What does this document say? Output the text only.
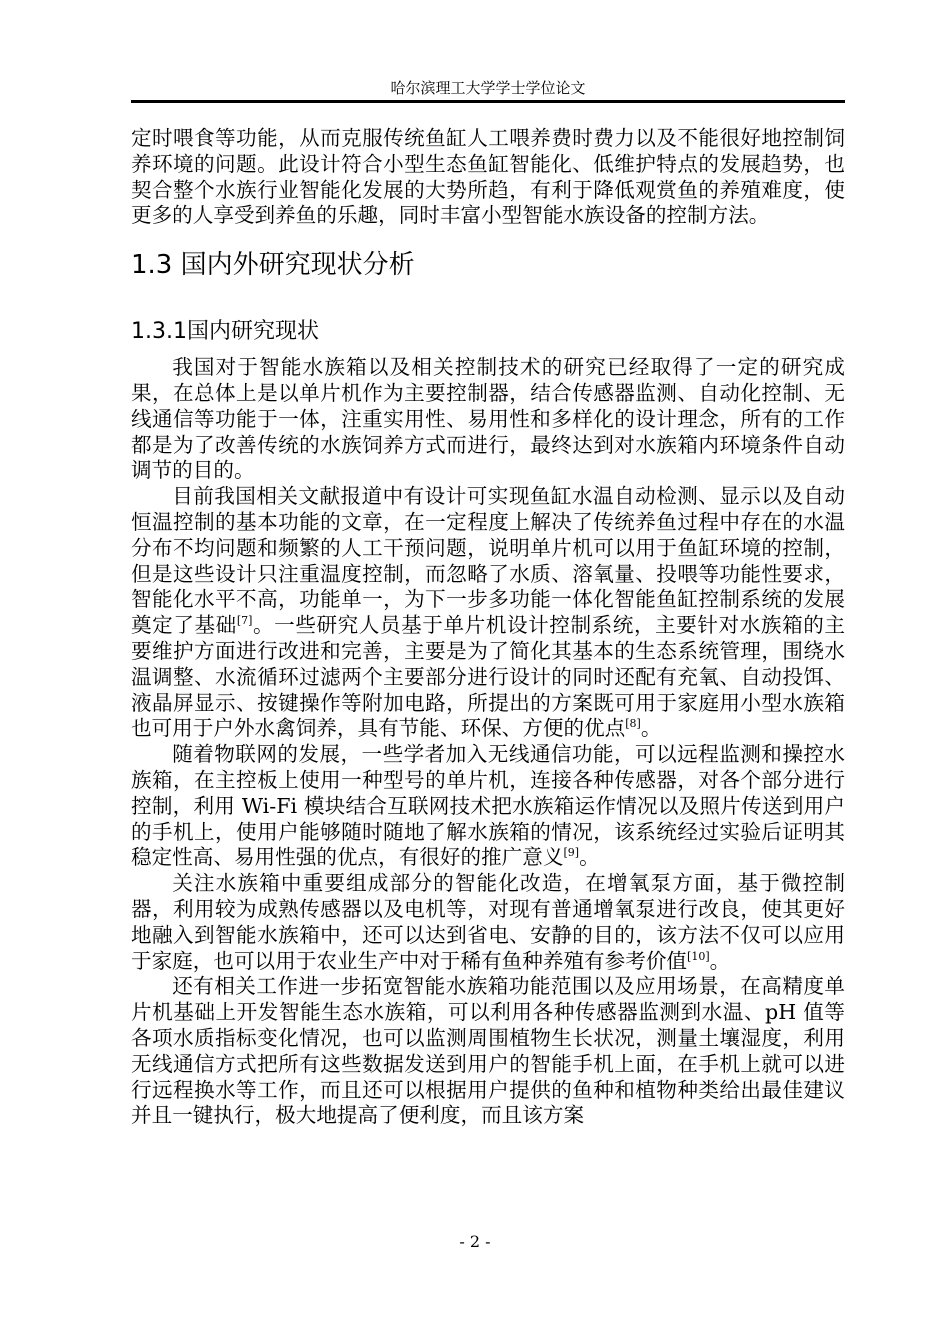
哈尔滨理工大学学士学位论文

定时喂食等功能，从而克服传统鱼缸人工喂养费时费力以及不能很好地控制饲养环境的问题。此设计符合小型生态鱼缸智能化、低维护特点的发展趋势，也契合整个水族行业智能化发展的大势所趋，有利于降低观赏鱼的养殖难度，使更多的人享受到养鱼的乐趣，同时丰富小型智能水族设备的控制方法。

1.3 国内外研究现状分析
1.3.1国内研究现状

我国对于智能水族箱以及相关控制技术的研究已经取得了一定的研究成果，在总体上是以单片机作为主要控制器，结合传感器监测、自动化控制、无线通信等功能于一体，注重实用性、易用性和多样化的设计理念，所有的工作都是为了改善传统的水族饲养方式而进行，最终达到对水族箱内环境条件自动调节的目的。

目前我国相关文献报道中有设计可实现鱼缸水温自动检测、显示以及自动恒温控制的基本功能的文章，在一定程度上解决了传统养鱼过程中存在的水温分布不均问题和频繁的人工干预问题，说明单片机可以用于鱼缸环境的控制，但是这些设计只注重温度控制，而忽略了水质、溶氧量、投喂等功能性要求，智能化水平不高，功能单一，为下一步多功能一体化智能鱼缸控制系统的发展奠定了基础[7]。一些研究人员基于单片机设计控制系统，主要针对水族箱的主要维护方面进行改进和完善，主要是为了简化其基本的生态系统管理，围绕水温调整、水流循环过滤两个主要部分进行设计的同时还配有充氧、自动投饵、液晶屏显示、按键操作等附加电路，所提出的方案既可用于家庭用小型水族箱也可用于户外水禽饲养，具有节能、环保、方便的优点[8]。

随着物联网的发展，一些学者加入无线通信功能，可以远程监测和操控水族箱，在主控板上使用一种型号的单片机，连接各种传感器，对各个部分进行控制，利用 Wi-Fi 模块结合互联网技术把水族箱运作情况以及照片传送到用户的手机上，使用户能够随时随地了解水族箱的情况，该系统经过实验后证明其稳定性高、易用性强的优点，有很好的推广意义[9]。

关注水族箱中重要组成部分的智能化改造，在增氧泵方面，基于微控制器，利用较为成熟传感器以及电机等，对现有普通增氧泵进行改良，使其更好地融入到智能水族箱中，还可以达到省电、安静的目的，该方法不仅可以应用于家庭，也可以用于农业生产中对于稀有鱼种养殖有参考价值[10]。

还有相关工作进一步拓宽智能水族箱功能范围以及应用场景，在高精度单片机基础上开发智能生态水族箱，可以利用各种传感器监测到水温、pH 值等各项水质指标变化情况，也可以监测周围植物生长状况，测量土壤湿度，利用无线通信方式把所有这些数据发送到用户的智能手机上面，在手机上就可以进行远程换水等工作，而且还可以根据用户提供的鱼种和植物种类给出最佳建议并且一键执行，极大地提高了便利度，而且该方案

- 2 -
